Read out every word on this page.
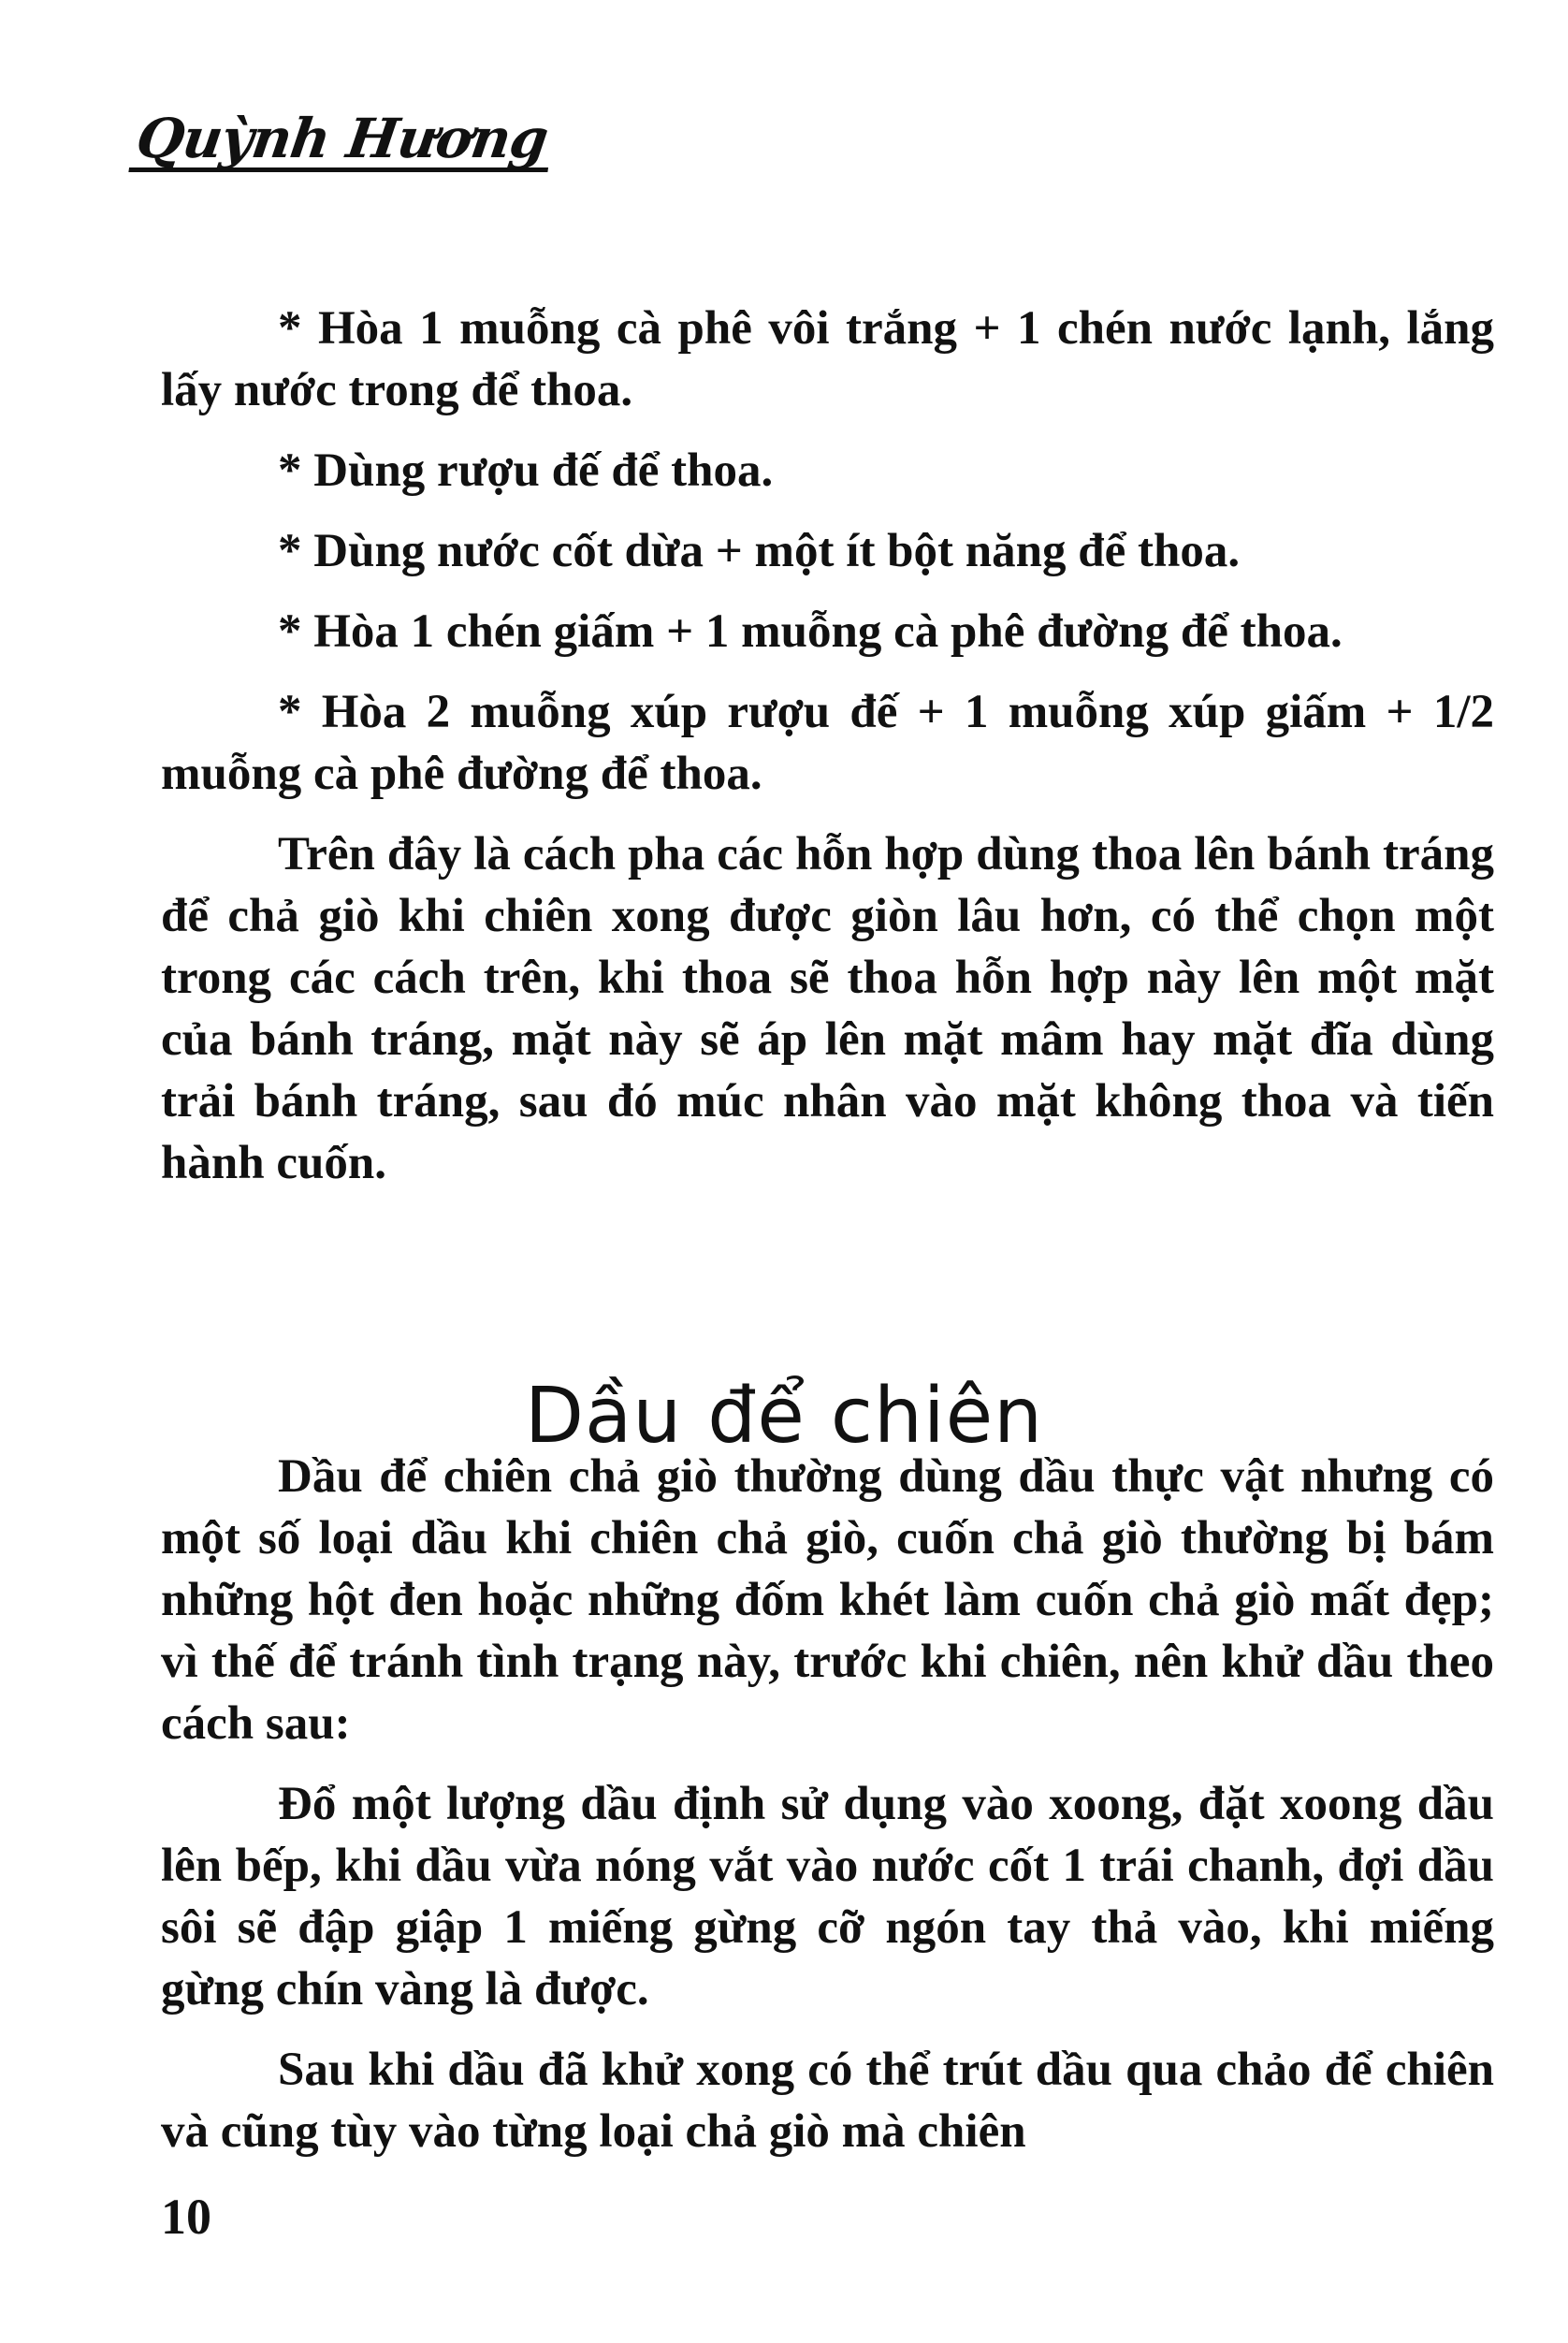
Quỳnh Hương

* Hòa 1 muỗng cà phê vôi trắng + 1 chén nước lạnh, lắng lấy nước trong để thoa.

* Dùng rượu đế để thoa.

* Dùng nước cốt dừa + một ít bột năng để thoa.

* Hòa 1 chén giấm + 1 muỗng cà phê đường để thoa.

* Hòa 2 muỗng xúp rượu đế + 1 muỗng xúp giấm + 1/2 muỗng cà phê đường để thoa.

Trên đây là cách pha các hỗn hợp dùng thoa lên bánh tráng để chả giò khi chiên xong được giòn lâu hơn, có thể chọn một trong các cách trên, khi thoa sẽ thoa hỗn hợp này lên một mặt của bánh tráng, mặt này sẽ áp lên mặt mâm hay mặt đĩa dùng trải bánh tráng, sau đó múc nhân vào mặt không thoa và tiến hành cuốn.

Dầu để chiên

Dầu để chiên chả giò thường dùng dầu thực vật nhưng có một số loại dầu khi chiên chả giò, cuốn chả giò thường bị bám những hột đen hoặc những đốm khét làm cuốn chả giò mất đẹp; vì thế để tránh tình trạng này, trước khi chiên, nên khử dầu theo cách sau:

Đổ một lượng dầu định sử dụng vào xoong, đặt xoong dầu lên bếp, khi dầu vừa nóng vắt vào nước cốt 1 trái chanh, đợi dầu sôi sẽ đập giập 1 miếng gừng cỡ ngón tay thả vào, khi miếng gừng chín vàng là được.

Sau khi dầu đã khử xong có thể trút dầu qua chảo để chiên và cũng tùy vào từng loại chả giò mà chiên

10
